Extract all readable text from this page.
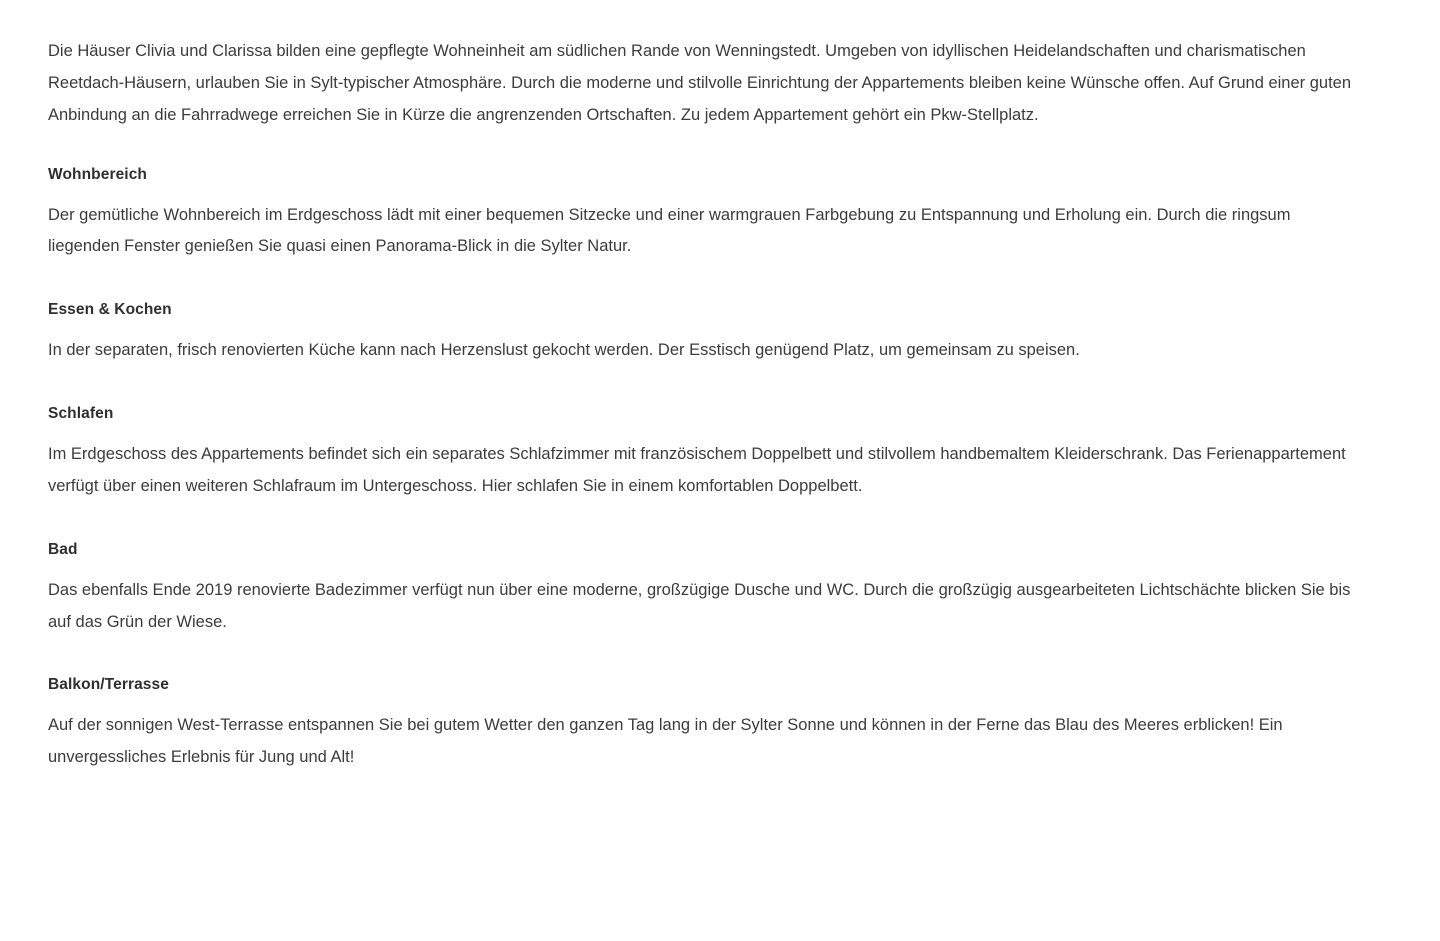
Die Häuser Clivia und Clarissa bilden eine gepflegte Wohneinheit am südlichen Rande von Wenningstedt. Umgeben von idyllischen Heidelandschaften und charismatischen Reetdach-Häusern, urlauben Sie in Sylt-typischer Atmosphäre. Durch die moderne und stilvolle Einrichtung der Appartements bleiben keine Wünsche offen. Auf Grund einer guten Anbindung an die Fahrradwege erreichen Sie in Kürze die angrenzenden Ortschaften. Zu jedem Appartement gehört ein Pkw-Stellplatz.

Wohnbereich

Der gemütliche Wohnbereich im Erdgeschoss lädt mit einer bequemen Sitzecke und einer warmgrauen Farbgebung zu Entspannung und Erholung ein. Durch die ringsum liegenden Fenster genießen Sie quasi einen Panorama-Blick in die Sylter Natur.

Essen & Kochen

In der separaten, frisch renovierten Küche kann nach Herzenslust gekocht werden. Der Esstisch genügend Platz, um gemeinsam zu speisen.

Schlafen

Im Erdgeschoss des Appartements befindet sich ein separates Schlafzimmer mit französischem Doppelbett und stilvollem handbemaltem Kleiderschrank. Das Ferienappartement verfügt über einen weiteren Schlafraum im Untergeschoss. Hier schlafen Sie in einem komfortablen Doppelbett.

Bad

Das ebenfalls Ende 2019 renovierte Badezimmer verfügt nun über eine moderne, großzügige Dusche und WC. Durch die großzügig ausgearbeiteten Lichtschächte blicken Sie bis auf das Grün der Wiese.

Balkon/Terrasse

Auf der sonnigen West-Terrasse entspannen Sie bei gutem Wetter den ganzen Tag lang in der Sylter Sonne und können in der Ferne das Blau des Meeres erblicken! Ein unvergessliches Erlebnis für Jung und Alt!
